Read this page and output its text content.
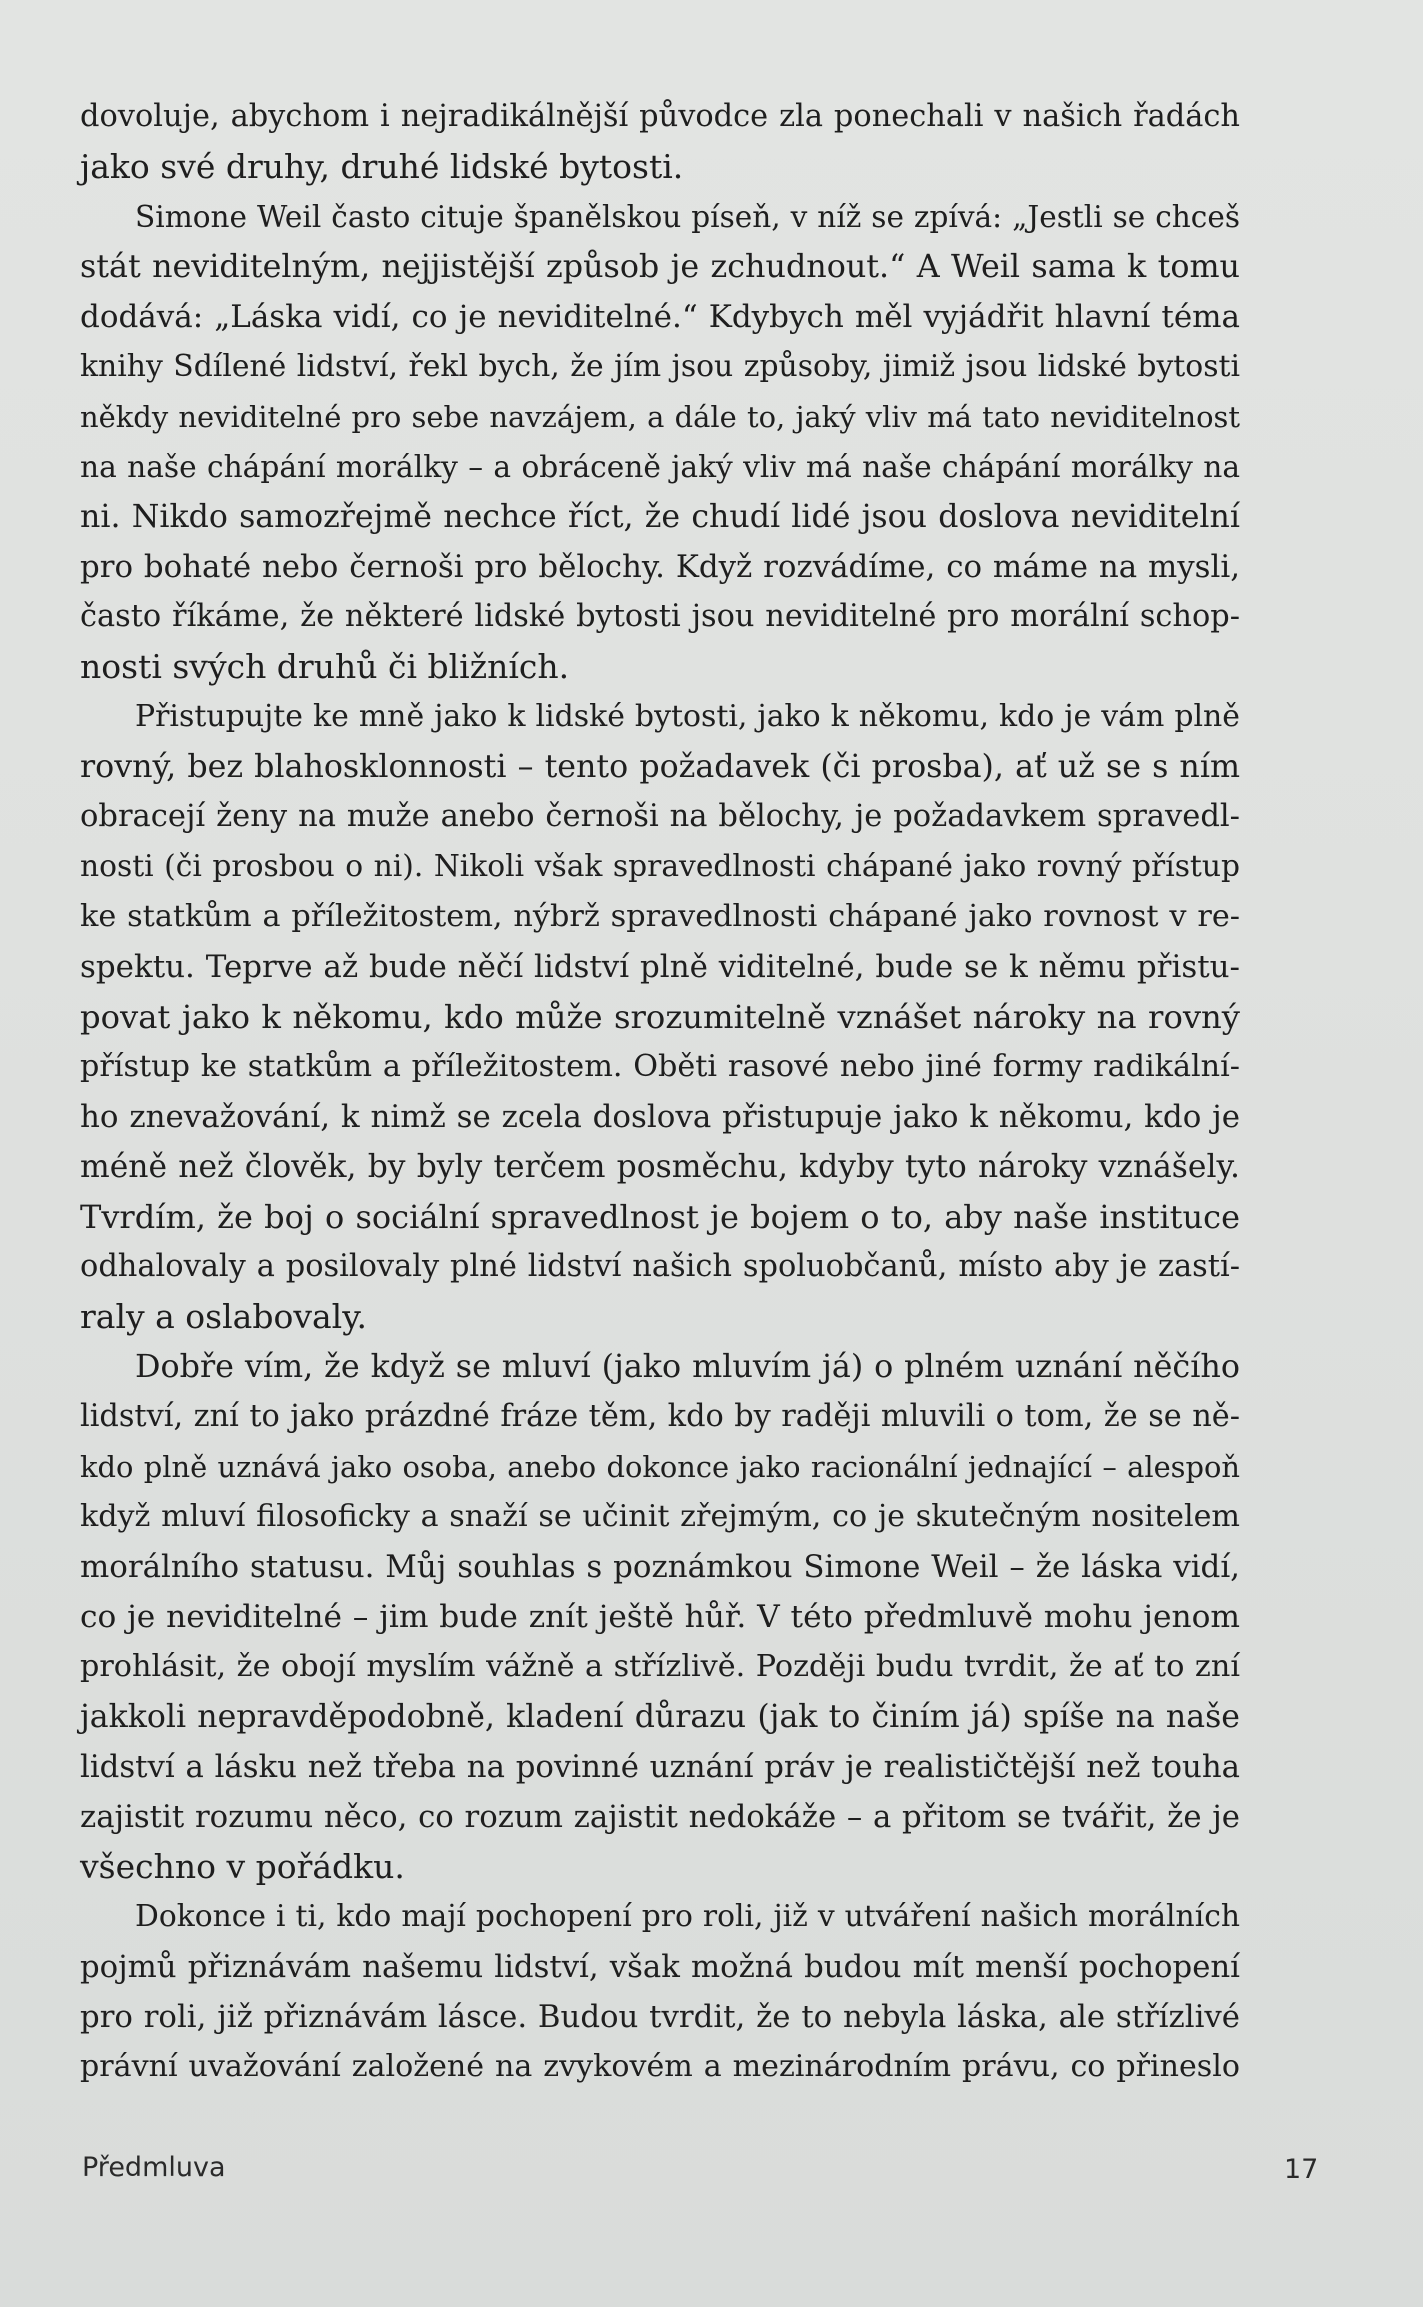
dovoluje, abychom i nejradikálnější původce zla ponechali v našich řadách
jako své druhy, druhé lidské bytosti.
Simone Weil často cituje španělskou píseň, v níž se zpívá: „Jestli se chceš
stát neviditelným, nejjistější způsob je zchudnout.“ A Weil sama k tomu
dodává: „Láska vidí, co je neviditelné.“ Kdybych měl vyjádřit hlavní téma
knihy Sdílené lidství, řekl bych, že jím jsou způsoby, jimiž jsou lidské bytosti
někdy neviditelné pro sebe navzájem, a dále to, jaký vliv má tato neviditelnost
na naše chápání morálky – a obráceně jaký vliv má naše chápání morálky na
ni. Nikdo samozřejmě nechce říct, že chudí lidé jsou doslova neviditelní
pro bohaté nebo černoši pro bělochy. Když rozvádíme, co máme na mysli,
často říkáme, že některé lidské bytosti jsou neviditelné pro morální schop-
nosti svých druhů či bližních.
Přistupujte ke mně jako k lidské bytosti, jako k někomu, kdo je vám plně
rovný, bez blahosklonnosti – tento požadavek (či prosba), ať už se s ním
obracejí ženy na muže anebo černoši na bělochy, je požadavkem spravedl-
nosti (či prosbou o ni). Nikoli však spravedlnosti chápané jako rovný přístup
ke statkům a příležitostem, nýbrž spravedlnosti chápané jako rovnost v re-
spektu. Teprve až bude něčí lidství plně viditelné, bude se k němu přistu-
povat jako k někomu, kdo může srozumitelně vznášet nároky na rovný
přístup ke statkům a příležitostem. Oběti rasové nebo jiné formy radikální-
ho znevažování, k nimž se zcela doslova přistupuje jako k někomu, kdo je
méně než člověk, by byly terčem posměchu, kdyby tyto nároky vznášely.
Tvrdím, že boj o sociální spravedlnost je bojem o to, aby naše instituce
odhalovaly a posilovaly plné lidství našich spoluobčanů, místo aby je zastí-
raly a oslabovaly.
Dobře vím, že když se mluví (jako mluvím já) o plném uznání něčího
lidství, zní to jako prázdné fráze těm, kdo by raději mluvili o tom, že se ně-
kdo plně uznává jako osoba, anebo dokonce jako racionální jednající – alespoň
když mluví filosoficky a snaží se učinit zřejmým, co je skutečným nositelem
morálního statusu. Můj souhlas s poznámkou Simone Weil – že láska vidí,
co je neviditelné – jim bude znít ještě hůř. V této předmluvě mohu jenom
prohlásit, že obojí myslím vážně a střízlivě. Později budu tvrdit, že ať to zní
jakkoli nepravděpodobně, kladení důrazu (jak to činím já) spíše na naše
lidství a lásku než třeba na povinné uznání práv je realističtější než touha
zajistit rozumu něco, co rozum zajistit nedokáže – a přitom se tvářit, že je
všechno v pořádku.
Dokonce i ti, kdo mají pochopení pro roli, již v utváření našich morálních
pojmů přiznávám našemu lidství, však možná budou mít menší pochopení
pro roli, již přiznávám lásce. Budou tvrdit, že to nebyla láska, ale střízlivé
právní uvažování založené na zvykovém a mezinárodním právu, co přineslo
Předmluva	17
